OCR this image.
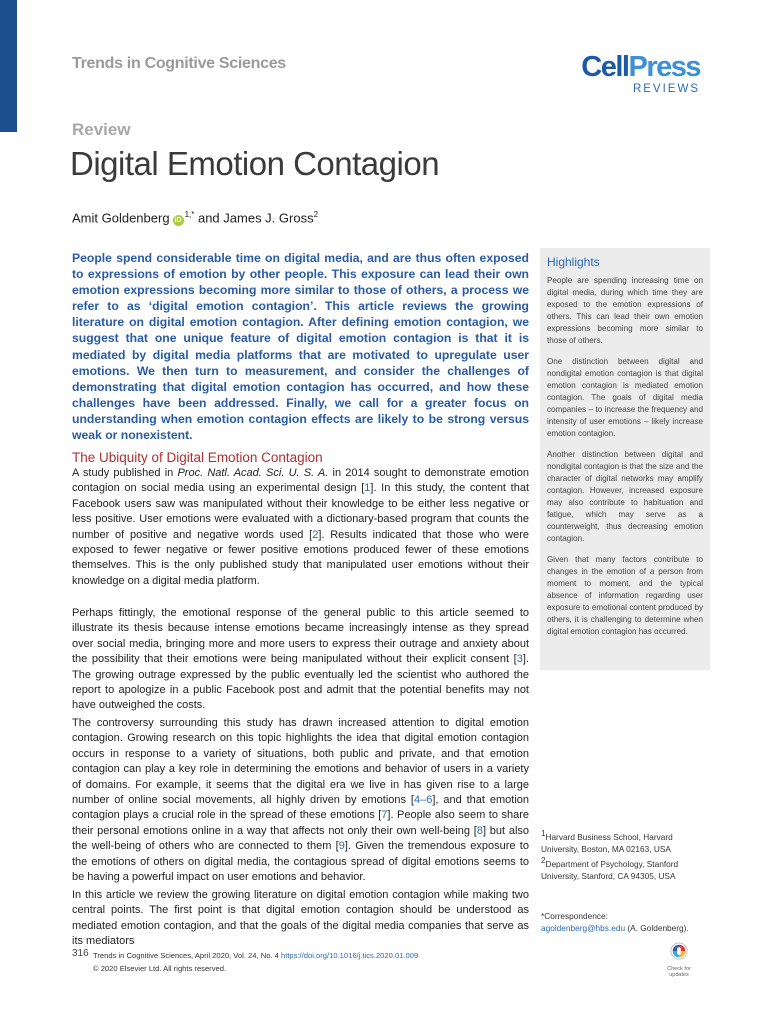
Trends in Cognitive Sciences	CellPress
REVIEWS
Review
Digital Emotion Contagion
Amit Goldenberg $iD^{1,*}$ and James J. Gross$^2$

People spend considerable time on digital media, and are thus often exposed to expressions of emotion by other people. This exposure can lead their own emotion expressions becoming more similar to those of others, a process we refer to as ‘digital emotion contagion’. This article reviews the growing literature on digital emotion contagion. After defining emotion contagion, we suggest that one unique feature of digital emotion contagion is that it is mediated by digital media platforms that are motivated to upregulate user emotions. We then turn to measurement, and consider the challenges of demonstrating that digital emotion contagion has occurred, and how these challenges have been addressed. Finally, we call for a greater focus on understanding when emotion contagion effects are likely to be strong versus weak or nonexistent.

The Ubiquity of Digital Emotion Contagion

A study published in Proc. Natl. Acad. Sci. U. S. A. in 2014 sought to demonstrate emotion contagion on social media using an experimental design [1]. In this study, the content that Facebook users saw was manipulated without their knowledge to be either less negative or less positive. User emotions were evaluated with a dictionary-based program that counts the number of positive and negative words used [2]. Results indicated that those who were exposed to fewer negative or fewer positive emotions produced fewer of these emotions themselves. This is the only published study that manipulated user emotions without their knowledge on a digital media platform.

Perhaps fittingly, the emotional response of the general public to this article seemed to illustrate its thesis because intense emotions became increasingly intense as they spread over social media, bringing more and more users to express their outrage and anxiety about the possibility that their emotions were being manipulated without their explicit consent [3]. The growing outrage expressed by the public eventually led the scientist who authored the report to apologize in a public Facebook post and admit that the potential benefits may not have outweighed the costs.

The controversy surrounding this study has drawn increased attention to digital emotion contagion. Growing research on this topic highlights the idea that digital emotion contagion occurs in response to a variety of situations, both public and private, and that emotion contagion can play a key role in determining the emotions and behavior of users in a variety of domains. For example, it seems that the digital era we live in has given rise to a large number of online social movements, all highly driven by emotions [4–6], and that emotion contagion plays a crucial role in the spread of these emotions [7]. People also seem to share their personal emotions online in a way that affects not only their own well-being [8] but also the well-being of others who are connected to them [9]. Given the tremendous exposure to the emotions of others on digital media, the contagious spread of digital emotions seems to be having a powerful impact on user emotions and behavior.

In this article we review the growing literature on digital emotion contagion while making two central points. The first point is that digital emotion contagion should be understood as mediated emotion contagion, and that the goals of the digital media companies that serve as its mediators

Highlights

People are spending increasing time on digital media, during which time they are exposed to the emotion expressions of others. This can lead their own emotion expressions becoming more similar to those of others.

One distinction between digital and nondigital emotion contagion is that digital emotion contagion is mediated emotion contagion. The goals of digital media companies – to increase the frequency and intensity of user emotions – likely increase emotion contagion.

Another distinction between digital and nondigital contagion is that the size and the character of digital networks may amplify contagion. However, increased exposure may also contribute to habituation and fatigue, which may serve as a counterweight, thus decreasing emotion contagion.

Given that many factors contribute to changes in the emotion of a person from moment to moment, and the typical absence of information regarding user exposure to emotional content produced by others, it is challenging to determine when digital emotion contagion has occurred.

$^1$Harvard Business School, Harvard University, Boston, MA 02163, USA
$^2$Department of Psychology, Stanford University, Stanford, CA 94305, USA

*Correspondence:
agoldenberg@hbs.edu (A. Goldenberg).
316 Trends in Cognitive Sciences, April 2020, Vol. 24, No. 4 https://doi.org/10.1016/j.tics.2020.01.009
© 2020 Elsevier Ltd. All rights reserved.	Check for
updates
